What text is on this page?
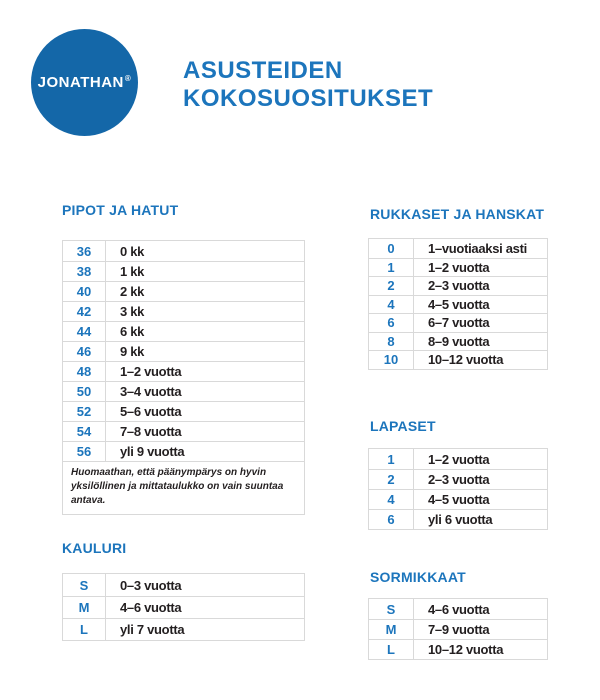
JONATHAN® ASUSTEIDEN
KOKOSUOSITUKSET
PIPOT JA HATUT
36	0 kk
38	1 kk
40	2 kk
42	3 kk
44	6 kk
46	9 kk
48	1–2 vuotta
50	3–4 vuotta
52	5–6 vuotta
54	7–8 vuotta
56	yli 9 vuotta
Huomaathan, että päänympärys on hyvin yksilöllinen ja mittataulukko on vain suuntaa antava.
KAULURI
S	0–3 vuotta
M	4–6 vuotta
L	yli 7 vuotta
RUKKASET JA HANSKAT
0	1–vuotiaaksi asti
1	1–2 vuotta
2	2–3 vuotta
4	4–5 vuotta
6	6–7 vuotta
8	8–9 vuotta
10	10–12 vuotta
LAPASET
1	1–2 vuotta
2	2–3 vuotta
4	4–5 vuotta
6	yli 6 vuotta
SORMIKKAAT
S	4–6 vuotta
M	7–9 vuotta
L	10–12 vuotta
